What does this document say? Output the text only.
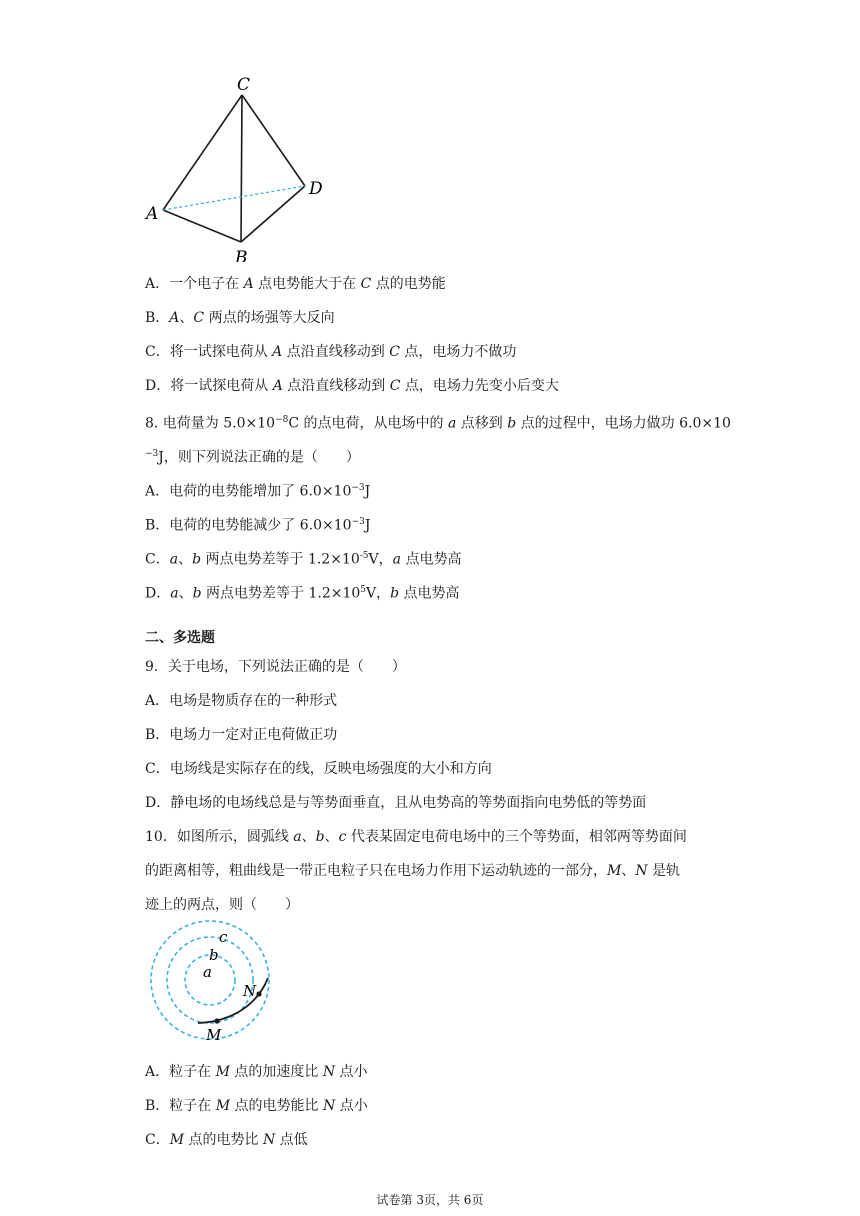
C
A
D
B
A．一个电子在 A 点电势能大于在 C 点的电势能
B．A、C 两点的场强等大反向
C．将一试探电荷从 A 点沿直线移动到 C 点，电场力不做功
D．将一试探电荷从 A 点沿直线移动到 C 点，电场力先变小后变大
8. 电荷量为 $5.0\times 10^{-8}C$ 的点电荷，从电场中的 a 点移到 b 点的过程中，电场力做功 6.0×10
$^{-3}$J，则下列说法正确的是（　　）
A．电荷的电势能增加了 $6.0\times 10^{-3}J$
B．电荷的电势能减少了 $6.0\times 10^{-3}J$
C．a、b 两点电势差等于 $1.2\times 10^{-5}V$，a 点电势高
D．a、b 两点电势差等于 $1.2\times 10^5V$，b 点电势高
二、多选题
9．关于电场，下列说法正确的是（　　）
A．电场是物质存在的一种形式
B．电场力一定对正电荷做正功
C．电场线是实际存在的线，反映电场强度的大小和方向
D．静电场的电场线总是与等势面垂直，且从电势高的等势面指向电势低的等势面
10．如图所示，圆弧线 a、b、c 代表某固定电荷电场中的三个等势面，相邻两等势面间
的距离相等，粗曲线是一带正电粒子只在电场力作用下运动轨迹的一部分，M、N 是轨
迹上的两点，则（　　）
c
b
a
N
M
A．粒子在 M 点的加速度比 N 点小
B．粒子在 M 点的电势能比 N 点小
C．M 点的电势比 N 点低
试卷第 3页，共 6页
